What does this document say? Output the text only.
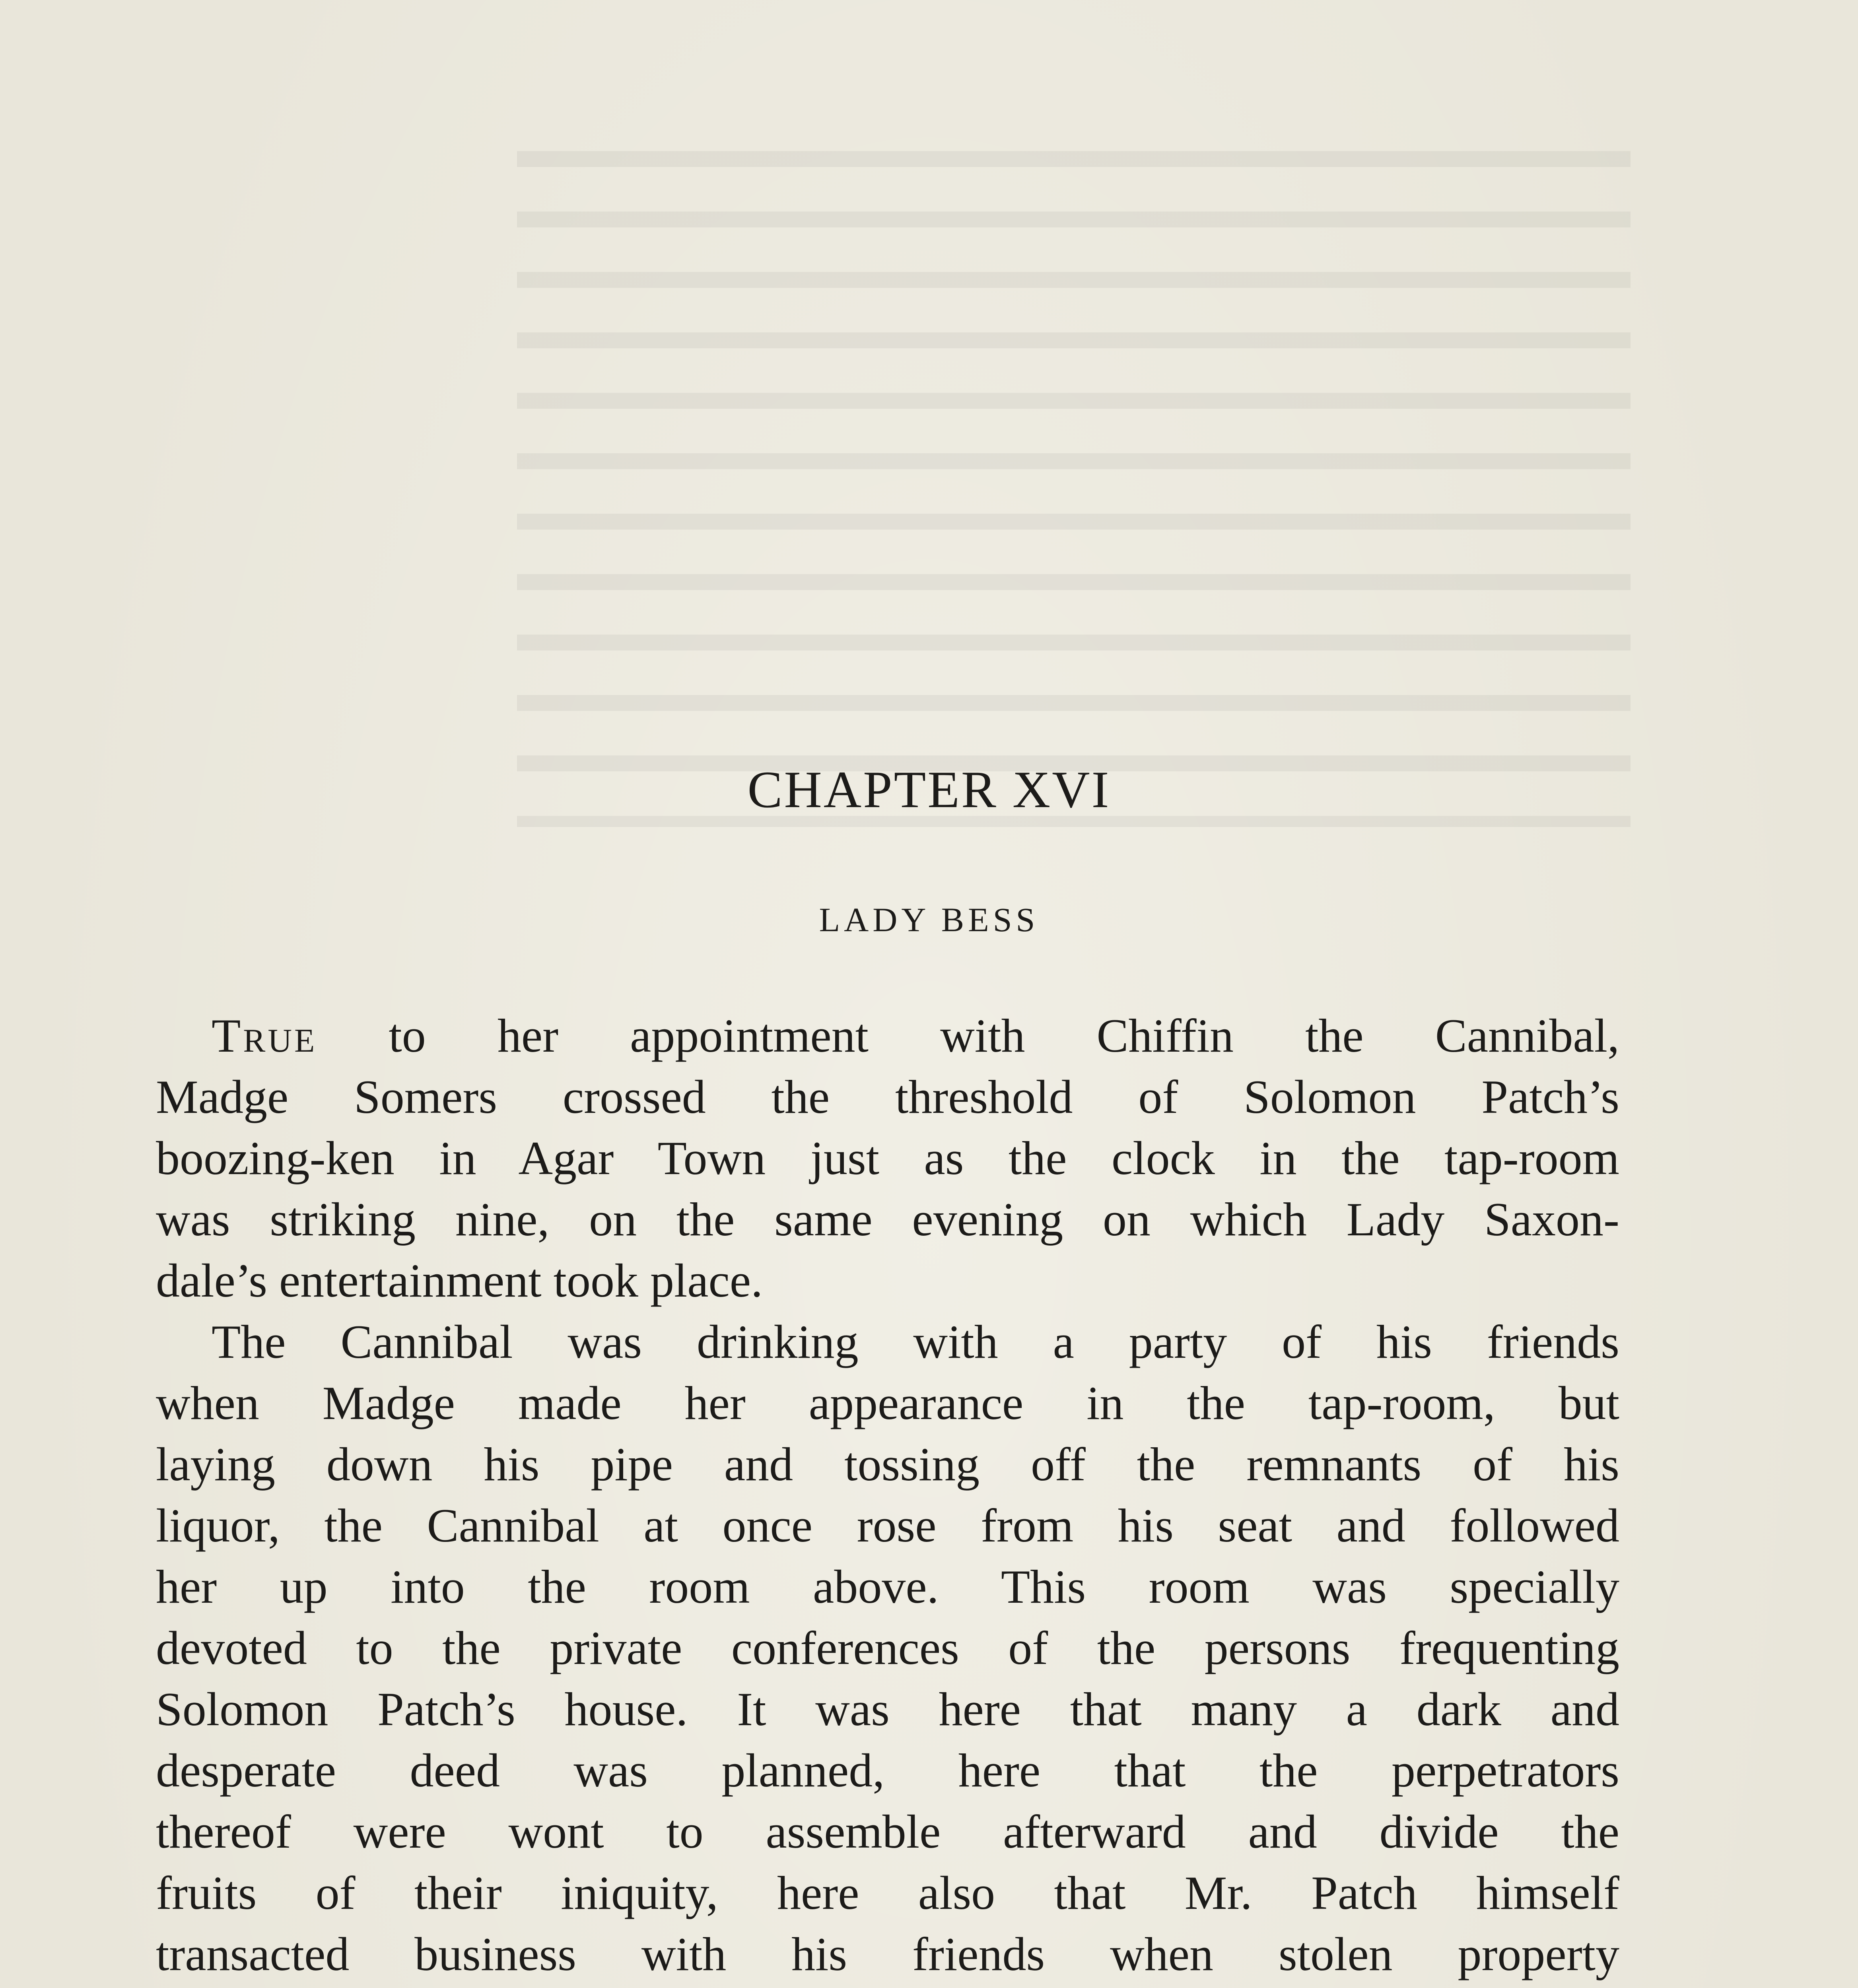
CHAPTER XVI
LADY BESS
True to her appointment with Chiffin the Cannibal,
Madge Somers crossed the threshold of Solomon Patch’s
boozing-ken in Agar Town just as the clock in the tap-room
was striking nine, on the same evening on which Lady Saxon-
dale’s entertainment took place.
The Cannibal was drinking with a party of his friends
when Madge made her appearance in the tap-room, but
laying down his pipe and tossing off the remnants of his
liquor, the Cannibal at once rose from his seat and followed
her up into the room above. This room was specially
devoted to the private conferences of the persons frequenting
Solomon Patch’s house. It was here that many a dark and
desperate deed was planned, here that the perpetrators
thereof were wont to assemble afterward and divide the
fruits of their iniquity, here also that Mr. Patch himself
transacted business with his friends when stolen property
